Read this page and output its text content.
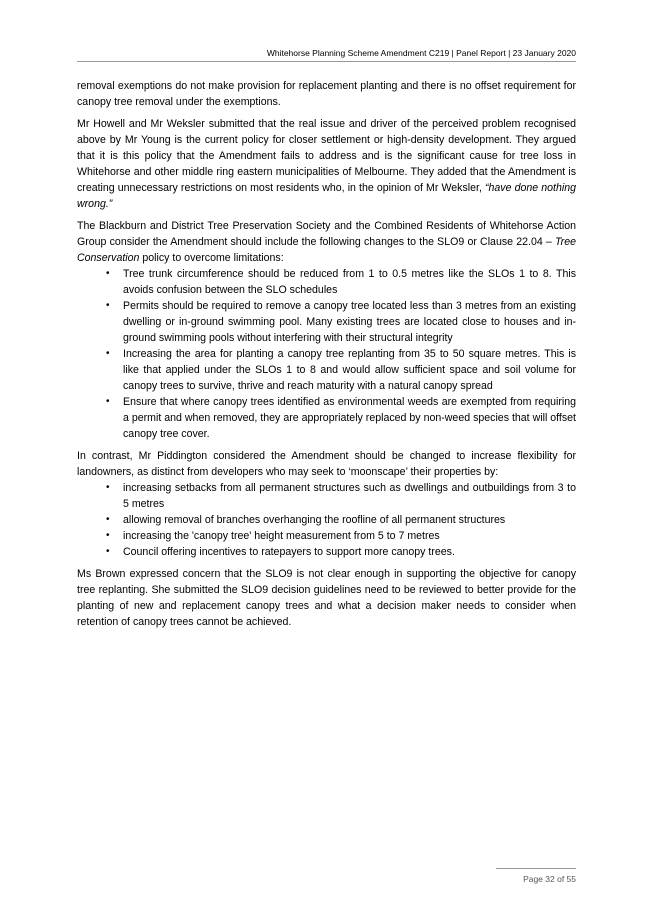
Whitehorse Planning Scheme Amendment C219 | Panel Report | 23 January 2020

removal exemptions do not make provision for replacement planting and there is no offset requirement for canopy tree removal under the exemptions.

Mr Howell and Mr Weksler submitted that the real issue and driver of the perceived problem recognised above by Mr Young is the current policy for closer settlement or high-density development. They argued that it is this policy that the Amendment fails to address and is the significant cause for tree loss in Whitehorse and other middle ring eastern municipalities of Melbourne. They added that the Amendment is creating unnecessary restrictions on most residents who, in the opinion of Mr Weksler, “have done nothing wrong.”

The Blackburn and District Tree Preservation Society and the Combined Residents of Whitehorse Action Group consider the Amendment should include the following changes to the SLO9 or Clause 22.04 – Tree Conservation policy to overcome limitations:

• Tree trunk circumference should be reduced from 1 to 0.5 metres like the SLOs 1 to 8. This avoids confusion between the SLO schedules
• Permits should be required to remove a canopy tree located less than 3 metres from an existing dwelling or in-ground swimming pool. Many existing trees are located close to houses and in-ground swimming pools without interfering with their structural integrity
• Increasing the area for planting a canopy tree replanting from 35 to 50 square metres. This is like that applied under the SLOs 1 to 8 and would allow sufficient space and soil volume for canopy trees to survive, thrive and reach maturity with a natural canopy spread
• Ensure that where canopy trees identified as environmental weeds are exempted from requiring a permit and when removed, they are appropriately replaced by non-weed species that will offset canopy tree cover.

In contrast, Mr Piddington considered the Amendment should be changed to increase flexibility for landowners, as distinct from developers who may seek to ‘moonscape’ their properties by:

• increasing setbacks from all permanent structures such as dwellings and outbuildings from 3 to 5 metres
• allowing removal of branches overhanging the roofline of all permanent structures
• increasing the 'canopy tree' height measurement from 5 to 7 metres
• Council offering incentives to ratepayers to support more canopy trees.

Ms Brown expressed concern that the SLO9 is not clear enough in supporting the objective for canopy tree replanting. She submitted the SLO9 decision guidelines need to be reviewed to better provide for the planting of new and replacement canopy trees and what a decision maker needs to consider when retention of canopy trees cannot be achieved.

Page 32 of 55
